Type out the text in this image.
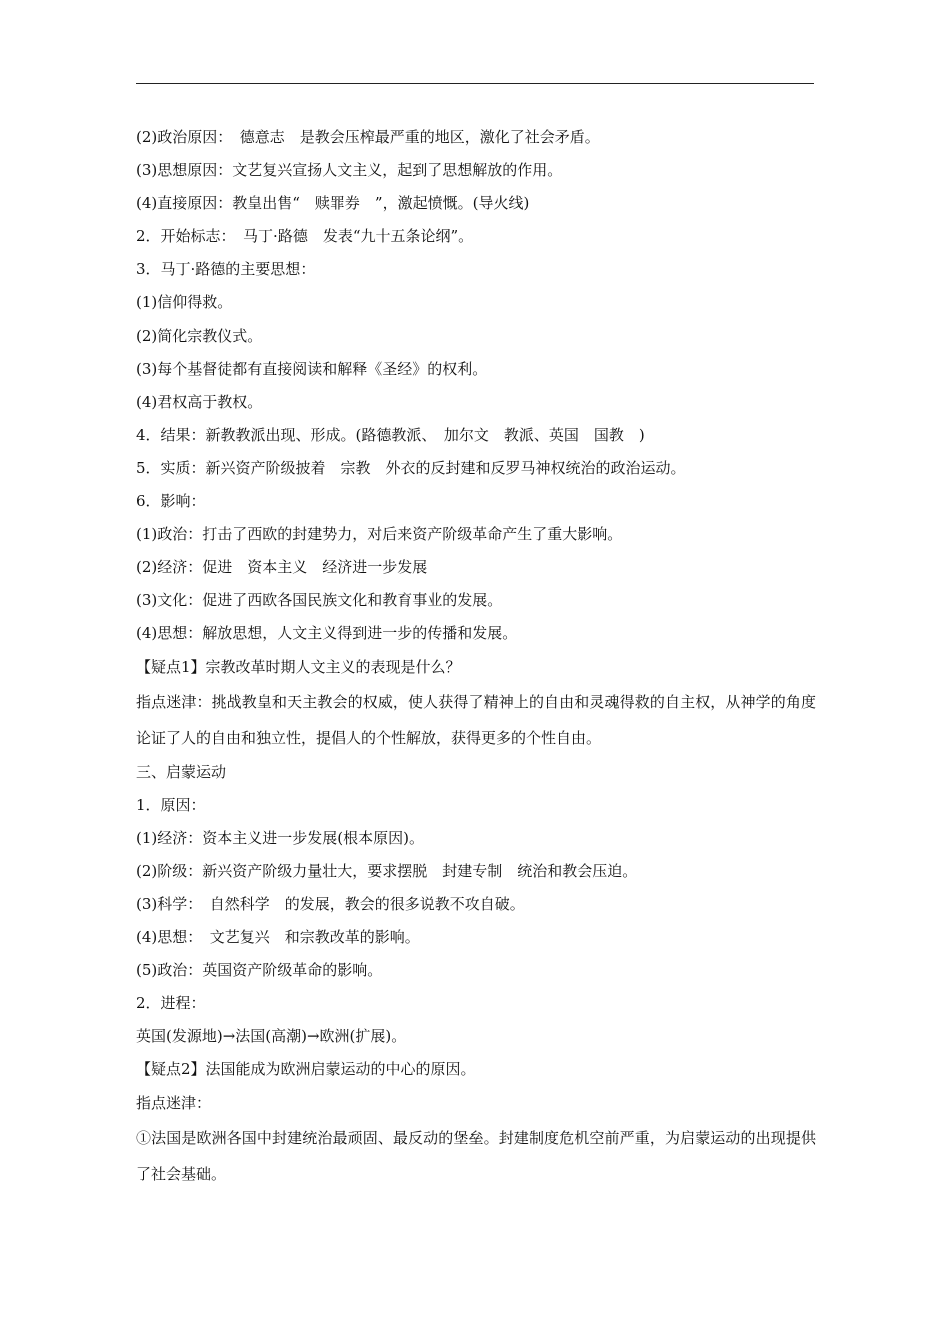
(2)政治原因：　德意志　是教会压榨最严重的地区，激化了社会矛盾。
(3)思想原因：文艺复兴宣扬人文主义，起到了思想解放的作用。
(4)直接原因：教皇出售“　赎罪券　”，激起愤慨。(导火线)
2．开始标志：　马丁·路德　发表“九十五条论纲”。
3．马丁·路德的主要思想：
(1)信仰得救。
(2)简化宗教仪式。
(3)每个基督徒都有直接阅读和解释《圣经》的权利。
(4)君权高于教权。
4．结果：新教教派出现、形成。(路德教派、　加尔文　教派、英国　国教　)
5．实质：新兴资产阶级披着　宗教　外衣的反封建和反罗马神权统治的政治运动。
6．影响：
(1)政治：打击了西欧的封建势力，对后来资产阶级革命产生了重大影响。
(2)经济：促进　资本主义　经济进一步发展
(3)文化：促进了西欧各国民族文化和教育事业的发展。
(4)思想：解放思想，人文主义得到进一步的传播和发展。
【疑点1】宗教改革时期人文主义的表现是什么？

指点迷津：挑战教皇和天主教会的权威，使人获得了精神上的自由和灵魂得救的自主权，从神学的角度论证了人的自由和独立性，提倡人的个性解放，获得更多的个性自由。

三、启蒙运动
1．原因：
(1)经济：资本主义进一步发展(根本原因)。
(2)阶级：新兴资产阶级力量壮大，要求摆脱　封建专制　统治和教会压迫。
(3)科学：　自然科学　的发展，教会的很多说教不攻自破。
(4)思想：　文艺复兴　和宗教改革的影响。
(5)政治：英国资产阶级革命的影响。
2．进程：
英国(发源地)→法国(高潮)→欧洲(扩展)。
【疑点2】法国能成为欧洲启蒙运动的中心的原因。
指点迷津：

①法国是欧洲各国中封建统治最顽固、最反动的堡垒。封建制度危机空前严重，为启蒙运动的出现提供了社会基础。
